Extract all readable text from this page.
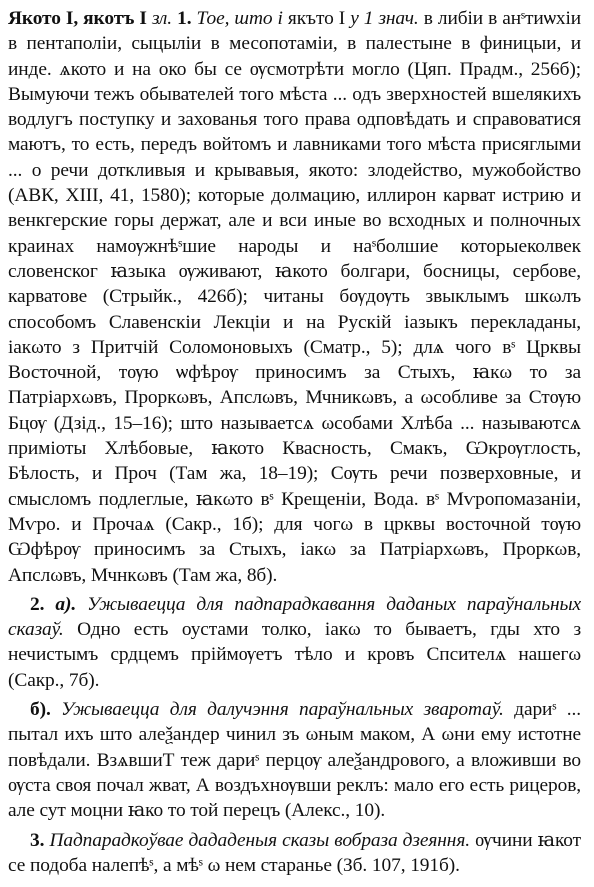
Якото I, якотъ I зл. 1. Тое, што і якъто I у 1 знач. в либіи в анˢтиѡхіи в пентаполіи, сыцыліи в месопотаміи, в палестыне в финицыи, и инде. ѧкото и на око бы се ѹсмотрѣти могло (Цяп. Прадм., 256б); Вымуючи тежъ обывателей того мѣста ... одъ зверхностей вшелякихъ водлугъ поступку и захованья того права одповѣдать и справоватися маютъ, то есть, передъ войтомъ и лавниками того мѣста присяглыми ... о речи доткливыя и крывавыя, якото: злодейство, мужобойство (АВК, XIII, 41, 1580); которые долмацию, иллирон карват истрию и венкгерские горы держат, але и вси иные во всходных и полночных краинах намѹжнѣˢшие народы и наˢболшие которыеколвек словенског ꙗзыка ѹживают, ꙗкото болгари, босницы, сербове, карватове (Стрыйк., 426б); читаны бѹдѹть звыклымъ шкωлъ способомъ Славенскіи Лекціи и на Рускій іазыкъ перекладаны, іакωто з Притчій Соломоновыхъ (Сматр., 5); длѧ чого вˢ Црквы Восточной, тѹю ѡфѣрѹ приносимъ за Стыхъ, ꙗкω то за Патріархωвъ, Проркωвъ, Апслωвъ, Мчникωвъ, а ωсобливе за Стѹю Бцѹ (Дзід., 15–16); што называетсѧ ωсобами Хлѣба ... называютсѧ приміоты Хлѣбовые, ꙗкото Квасность, Смакъ, Ѡкрѹглость, Бѣлость, и Проч (Там жа, 18–19); Сѹть речи позверховные, и смысломъ подлеглые, ꙗкωто вˢ Крещеніи, Вода. вˢ Мѵропомазаніи, Мѵро. и Прочаѧ (Сакр., 1б); для чогω в црквы восточной тѹю Ѡфѣрѹ приносимъ за Стыхъ, іакω за Патріархωвъ, Проркωв, Апслωвъ, Мчнкωвъ (Там жа, 8б).

2. а). Ужываецца для падпарадкавання даданых параўнальных сказаў. Одно есть оустами толко, іакω то бываетъ, гды хто з нечистымъ срдцемъ пріймѹетъ тѣло и кровъ Спсителѧ нашегω (Сакр., 7б).

б). Ужываецца для далучэння параўнальных зваротаў. дариˢ ... пытал ихъ што алеѯандер чинил зъ ωным маком, А ωни ему истотне повѣдали. ВзѧвшиТ теж дариˢ перцѹ алеѯандрового, а вложивши во ѹста своя почал жват, А воздъхнѹвши реклъ: мало его есть рицеров, але сут моцни ꙗко то той перецъ (Алекс., 10).

3. Падпарадкоўвае дададеныя сказы вобраза дзеяння. ѹчини ꙗкот се подоба налепѣˢ, а мѣˢ ω нем старанье (Зб. 107, 191б).
